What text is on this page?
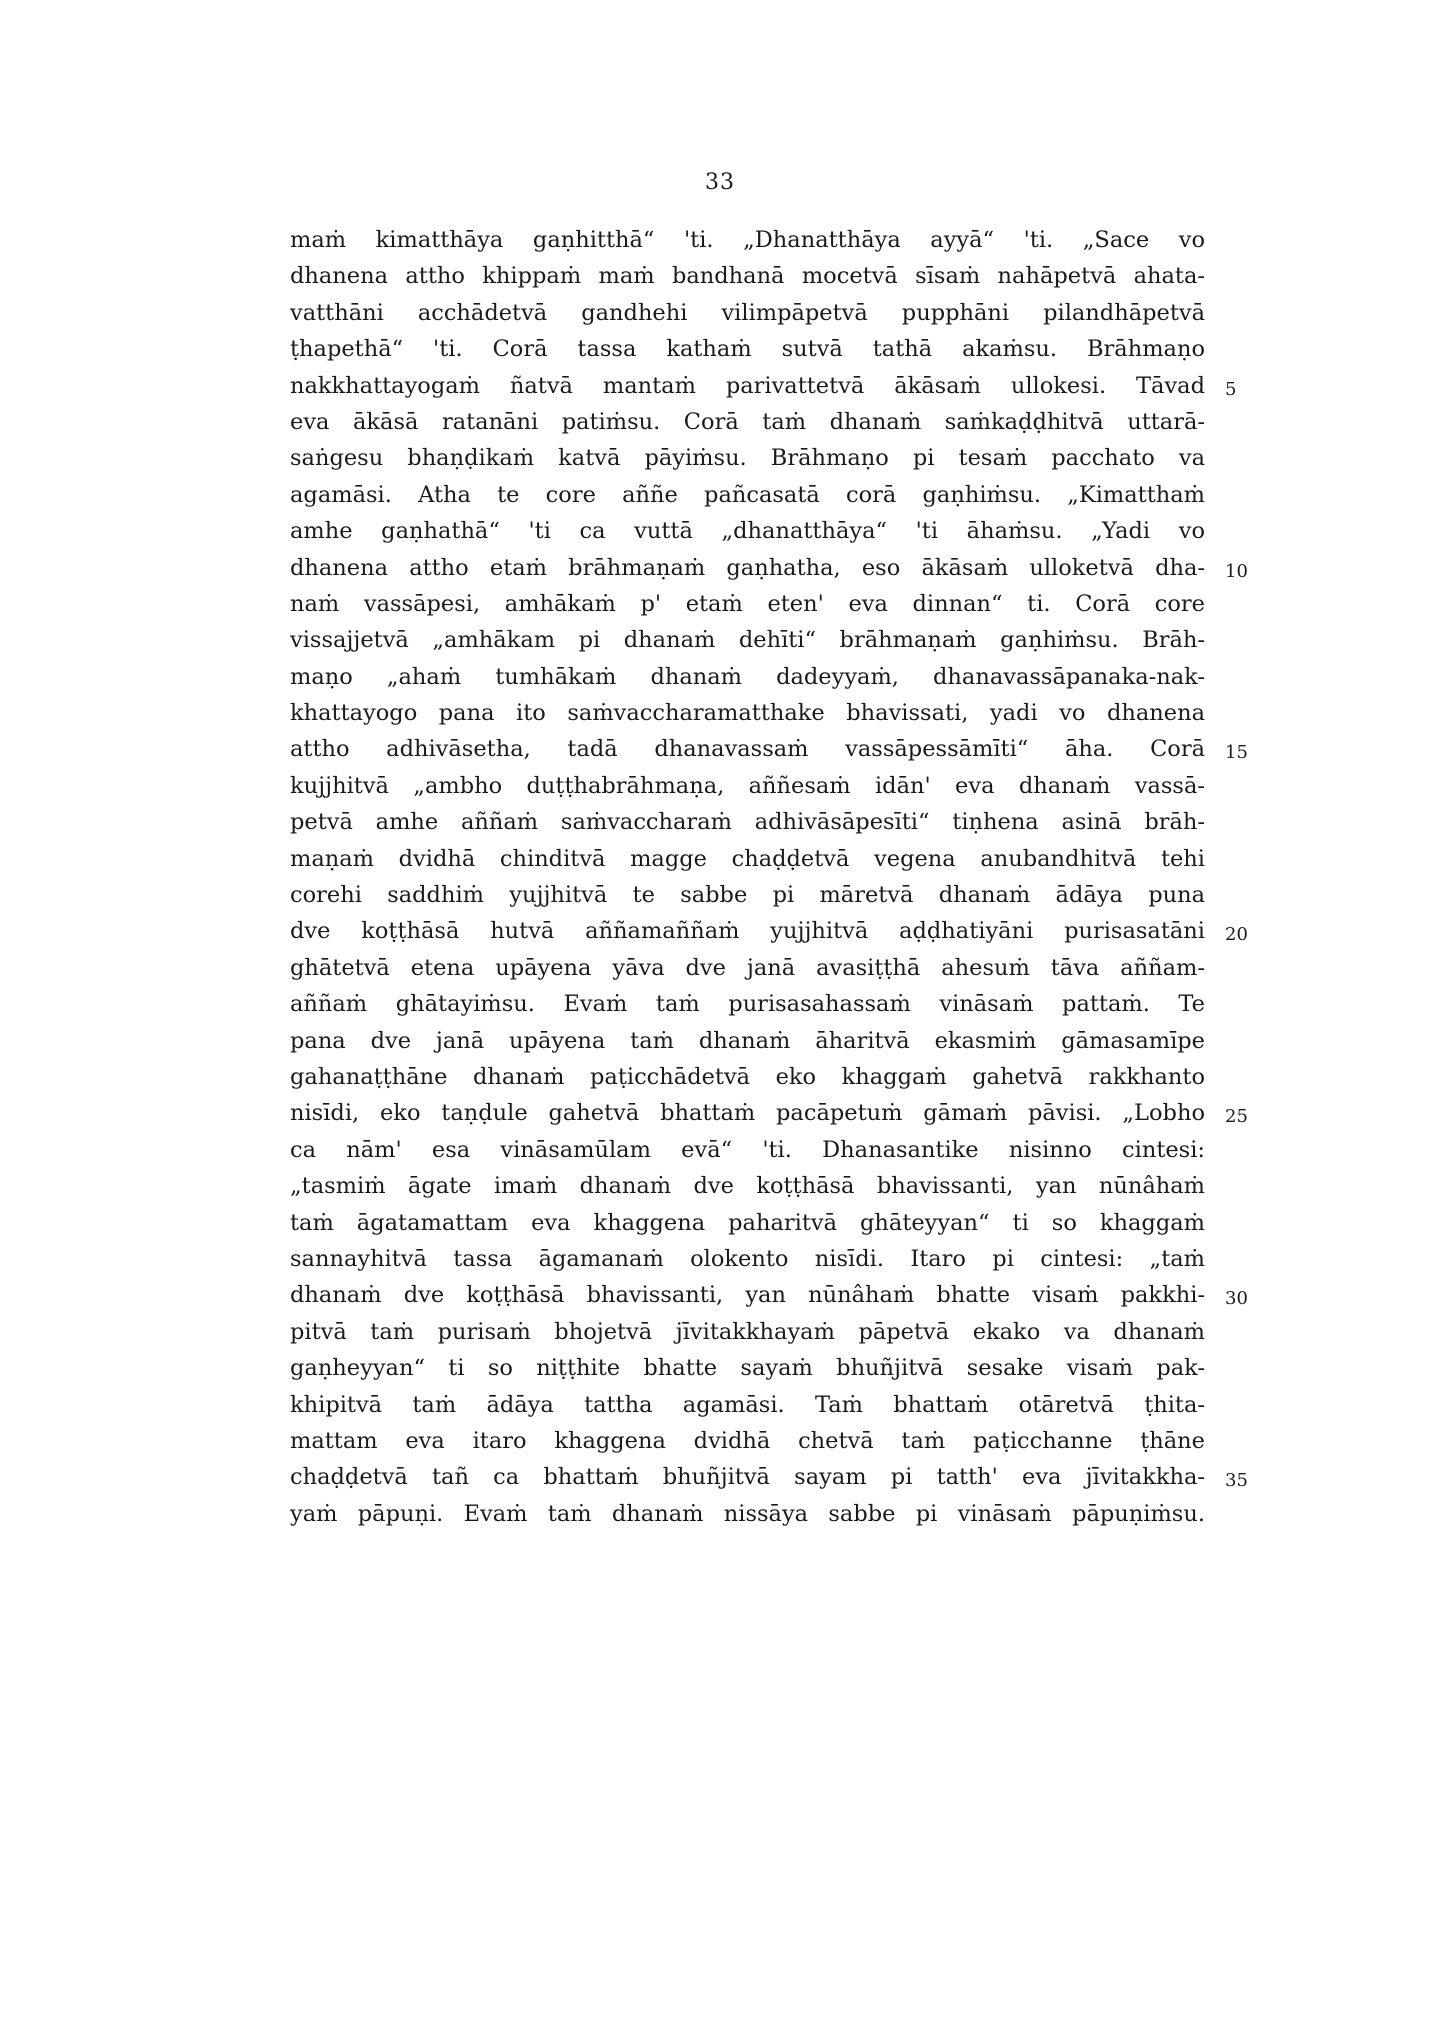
33
maṁ kimatthāya gaṇhitthā“ 'ti. „Dhanatthāya ayyā“ 'ti. „Sace vo
dhanena attho khippaṁ maṁ bandhanā mocetvā sīsaṁ nahāpetvā ahata-
vatthāni acchādetvā gandhehi vilimpāpetvā pupphāni pilandhāpetvā
ṭhapethā“ 'ti. Corā tassa kathaṁ sutvā tathā akaṁsu. Brāhmaṇo
nakkhattayogaṁ ñatvā mantaṁ parivattetvā ākāsaṁ ullokesi. Tāvad 5
eva ākāsā ratanāni patiṁsu. Corā taṁ dhanaṁ saṁkaḍḍhitvā uttarā-
saṅgesu bhaṇḍikaṁ katvā pāyiṁsu. Brāhmaṇo pi tesaṁ pacchato va
agamāsi. Atha te core aññe pañcasatā corā gaṇhiṁsu. „Kimatthaṁ
amhe gaṇhathā“ 'ti ca vuttā „dhanatthāya“ 'ti āhaṁsu. „Yadi vo
dhanena attho etaṁ brāhmaṇaṁ gaṇhatha, eso ākāsaṁ ulloketvā dha- 10
naṁ vassāpesi, amhākaṁ p' etaṁ eten' eva dinnan“ ti. Corā core
vissajjetvā „amhākam pi dhanaṁ dehīti“ brāhmaṇaṁ gaṇhiṁsu. Brāh-
maṇo „ahaṁ tumhākaṁ dhanaṁ dadeyyaṁ, dhanavassāpanaka-nak-
khattayogo pana ito saṁvaccharamatthake bhavissati, yadi vo dhanena
attho adhivāsetha, tadā dhanavassaṁ vassāpessāmīti“ āha. Corā 15
kujjhitvā „ambho duṭṭhabrāhmaṇa, aññesaṁ idān' eva dhanaṁ vassā-
petvā amhe aññaṁ saṁvaccharaṁ adhivāsāpesīti“ tiṇhena asinā brāh-
maṇaṁ dvidhā chinditvā magge chaḍḍetvā vegena anubandhitvā tehi
corehi saddhiṁ yujjhitvā te sabbe pi māretvā dhanaṁ ādāya puna
dve koṭṭhāsā hutvā aññamaññaṁ yujjhitvā aḍḍhatiyāni purisasatāni 20
ghātetvā etena upāyena yāva dve janā avasiṭṭhā ahesuṁ tāva aññam-
aññaṁ ghātayiṁsu. Evaṁ taṁ purisasahassaṁ vināsaṁ pattaṁ. Te
pana dve janā upāyena taṁ dhanaṁ āharitvā ekasmiṁ gāmasamīpe
gahanaṭṭhāne dhanaṁ paṭicchādetvā eko khaggaṁ gahetvā rakkhanto
nisīdi, eko taṇḍule gahetvā bhattaṁ pacāpetuṁ gāmaṁ pāvisi. „Lobho 25
ca nām' esa vināsamūlam evā“ 'ti. Dhanasantike nisinno cintesi:
„tasmiṁ āgate imaṁ dhanaṁ dve koṭṭhāsā bhavissanti, yan nūnâhaṁ
taṁ āgatamattam eva khaggena paharitvā ghāteyyan“ ti so khaggaṁ
sannayhitvā tassa āgamanaṁ olokento nisīdi. Itaro pi cintesi: „taṁ
dhanaṁ dve koṭṭhāsā bhavissanti, yan nūnâhaṁ bhatte visaṁ pakkhi- 30
pitvā taṁ purisaṁ bhojetvā jīvitakkhayaṁ pāpetvā ekako va dhanaṁ
gaṇheyyan“ ti so niṭṭhite bhatte sayaṁ bhuñjitvā sesake visaṁ pak-
khipitvā taṁ ādāya tattha agamāsi. Taṁ bhattaṁ otāretvā ṭhita-
mattam eva itaro khaggena dvidhā chetvā taṁ paṭicchanne ṭhāne
chaḍḍetvā tañ ca bhattaṁ bhuñjitvā sayam pi tatth' eva jīvitakkha- 35
yaṁ pāpuṇi. Evaṁ taṁ dhanaṁ nissāya sabbe pi vināsaṁ pāpuṇiṁsu.
